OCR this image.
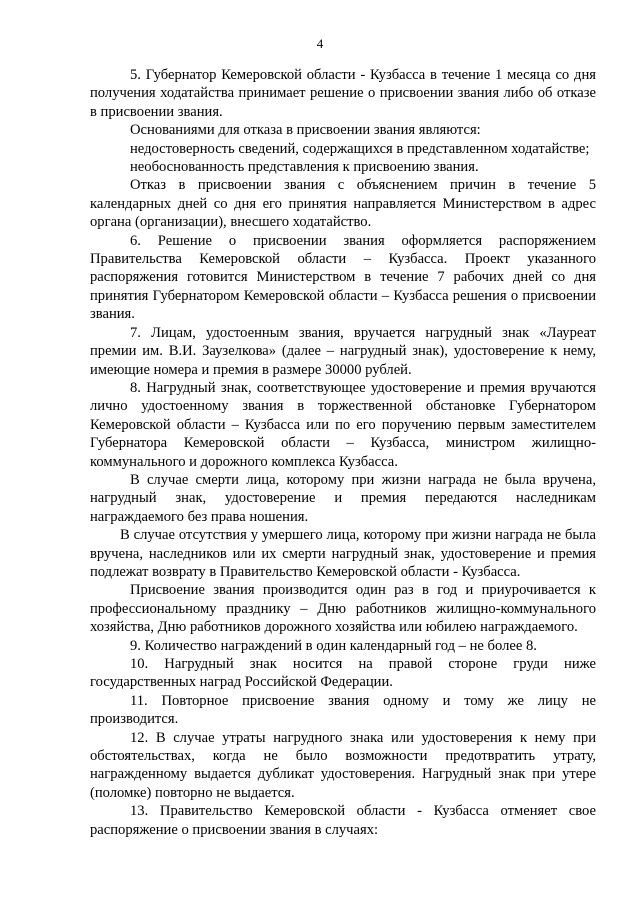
4

5. Губернатор Кемеровской области - Кузбасса в течение 1 месяца со дня получения ходатайства принимает решение о присвоении звания либо об отказе в присвоении звания.

Основаниями для отказа в присвоении звания являются:

недостоверность сведений, содержащихся в представленном ходатайстве;

необоснованность представления к присвоению звания.

Отказ в присвоении звания с объяснением причин в течение 5 календарных дней со дня его принятия направляется Министерством в адрес органа (организации), внесшего ходатайство.

6. Решение о присвоении звания оформляется распоряжением Правительства Кемеровской области – Кузбасса. Проект указанного распоряжения готовится Министерством в течение 7 рабочих дней со дня принятия Губернатором Кемеровской области – Кузбасса решения о присвоении звания.

7. Лицам, удостоенным звания, вручается нагрудный знак «Лауреат премии им. В.И. Заузелкова» (далее – нагрудный знак), удостоверение к нему, имеющие номера и премия в размере 30000 рублей.

8. Нагрудный знак, соответствующее удостоверение и премия вручаются лично удостоенному звания в торжественной обстановке Губернатором Кемеровской области – Кузбасса или по его поручению первым заместителем Губернатора Кемеровской области – Кузбасса, министром жилищно-коммунального и дорожного комплекса Кузбасса.

В случае смерти лица, которому при жизни награда не была вручена, нагрудный знак, удостоверение и премия передаются наследникам награждаемого без права ношения.

В случае отсутствия у умершего лица, которому при жизни награда не была вручена, наследников или их смерти нагрудный знак, удостоверение и премия подлежат возврату в Правительство Кемеровской области - Кузбасса.

Присвоение звания производится один раз в год и приурочивается к профессиональному празднику – Дню работников жилищно-коммунального хозяйства, Дню работников дорожного хозяйства или юбилею награждаемого.

9. Количество награждений в один календарный год – не более 8.

10. Нагрудный знак носится на правой стороне груди ниже государственных наград Российской Федерации.

11. Повторное присвоение звания одному и тому же лицу не производится.

12. В случае утраты нагрудного знака или удостоверения к нему при обстоятельствах, когда не было возможности предотвратить утрату, награжденному выдается дубликат удостоверения. Нагрудный знак при утере (поломке) повторно не выдается.

13. Правительство Кемеровской области - Кузбасса отменяет свое распоряжение о присвоении звания в случаях:
